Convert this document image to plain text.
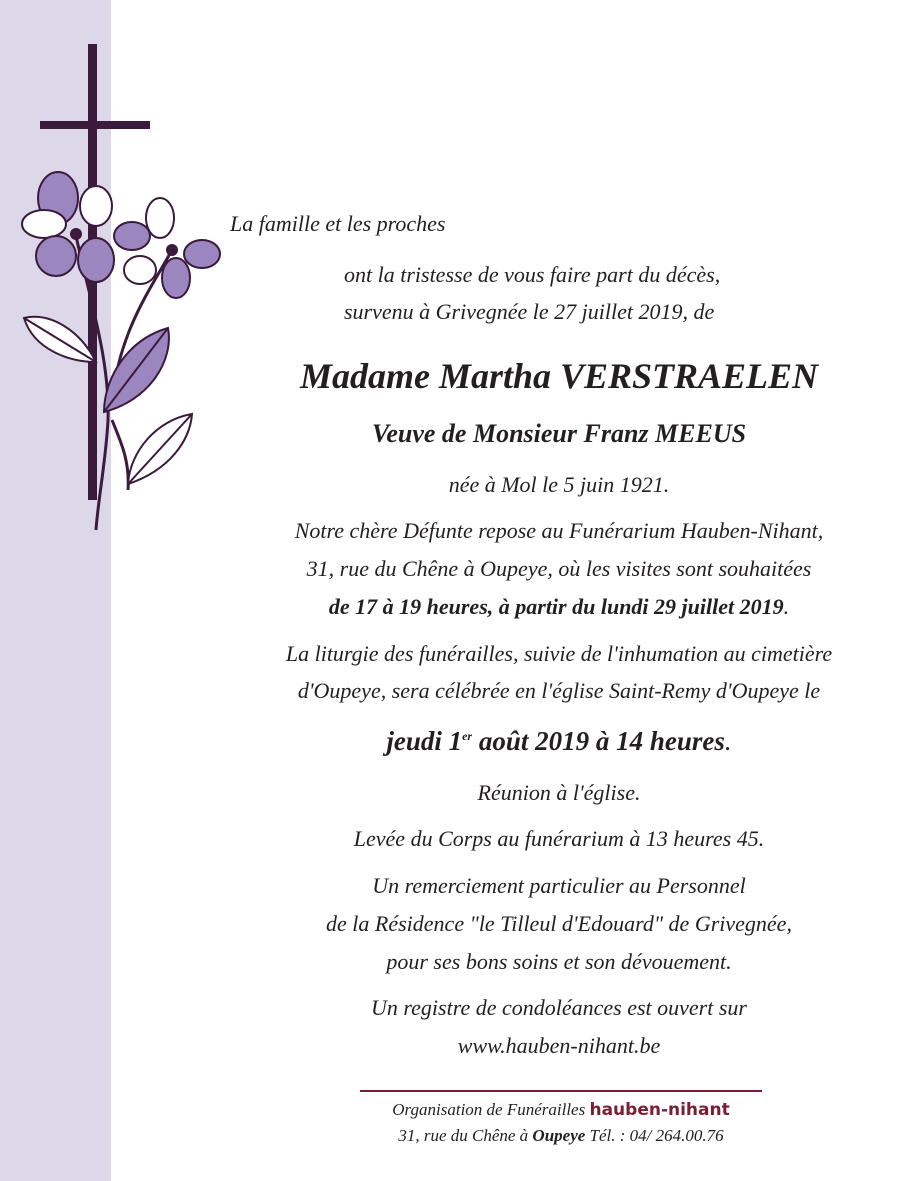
La famille et les proches
ont la tristesse de vous faire part du décès,
survenu à Grivegnée le 27 juillet 2019, de
Madame Martha VERSTRAELEN
Veuve de Monsieur Franz MEEUS
née à Mol le 5 juin 1921.
Notre chère Défunte repose au Funérarium Hauben-Nihant,
31, rue du Chêne à Oupeye, où les visites sont souhaitées
de 17 à 19 heures, à partir du lundi 29 juillet 2019.
La liturgie des funérailles, suivie de l'inhumation au cimetière
d'Oupeye, sera célébrée en l'église Saint-Remy d'Oupeye le
jeudi 1er août 2019 à 14 heures.
Réunion à l'église.
Levée du Corps au funérarium à 13 heures 45.
Un remerciement particulier au Personnel
de la Résidence "le Tilleul d'Edouard" de Grivegnée,
pour ses bons soins et son dévouement.
Un registre de condoléances est ouvert sur
www.hauben-nihant.be
Organisation de Funérailles hauben-nihant
31, rue du Chêne à Oupeye Tél. : 04/ 264.00.76
